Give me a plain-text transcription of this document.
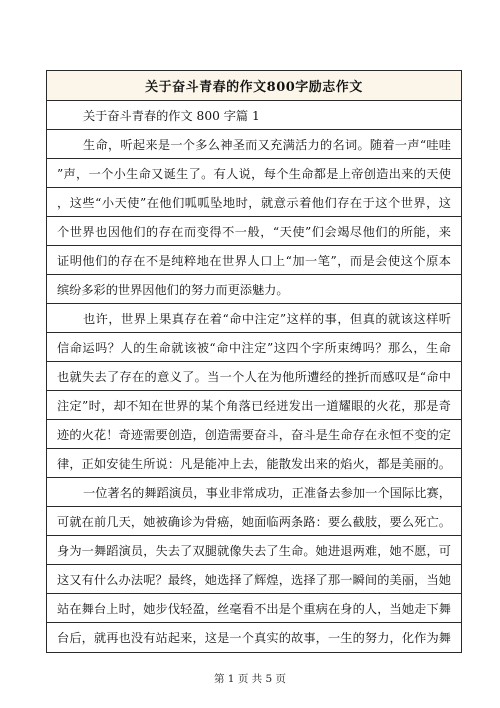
关于奋斗青春的作文800字励志作文
关于奋斗青春的作文 800 字篇 1
生命，听起来是一个多么神圣而又充满活力的名词。随着一声“哇哇
”声，一个小生命又诞生了。有人说，每个生命都是上帝创造出来的天使
，这些“小天使”在他们呱呱坠地时，就意示着他们存在于这个世界，这
个世界也因他们的存在而变得不一般，“天使”们会竭尽他们的所能，来
证明他们的存在不是纯粹地在世界人口上“加一笔”，而是会使这个原本
缤纷多彩的世界因他们的努力而更添魅力。
也许，世界上果真存在着“命中注定”这样的事，但真的就该这样听
信命运吗？人的生命就该被“命中注定”这四个字所束缚吗？那么，生命
也就失去了存在的意义了。当一个人在为他所遭经的挫折而感叹是“命中
注定”时，却不知在世界的某个角落已经迸发出一道耀眼的火花，那是奇
迹的火花！奇迹需要创造，创造需要奋斗，奋斗是生命存在永恒不变的定
律，正如安徒生所说：凡是能冲上去，能散发出来的焰火，都是美丽的。
一位著名的舞蹈演员，事业非常成功，正准备去参加一个国际比赛，
可就在前几天，她被确诊为骨癌，她面临两条路：要么截肢，要么死亡。
身为一舞蹈演员，失去了双腿就像失去了生命。她进退两难，她不愿，可
这又有什么办法呢？最终，她选择了辉煌，选择了那一瞬间的美丽，当她
站在舞台上时，她步伐轻盈，丝毫看不出是个重病在身的人，当她走下舞
台后，就再也没有站起来，这是一个真实的故事，一生的努力，化作为舞
第 1 页 共 5 页
